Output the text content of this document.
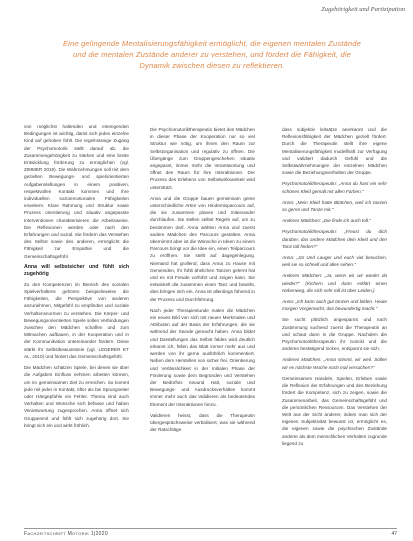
Zugehörigkeit und Partizipation
Eine gelingende Mentalisierungsfähigkeit ermöglicht, die eigenen mentalen Zustände und die mentalen Zustände anderer zu verstehen, und fördert die Fähigkeit, die Dynamik zwischen diesen zu reflektieren.

von möglichst haltenden und einengenden Bedingungen ist wichtig, damit sich jedes einzelne Kind auf gehoben fühlt. Die regelmässige Zugang der Psychomotorik stellt darauf ab, die Zusammengehörigkeit zu stärken und eine breite Entwicklung förderung zu ermöglichen (vgl. ZIMMER 2019). Die Wahrnehmungen soll mit dem gezielten Bewegungs- und spielorientierten Aufgabenstellungen in einem positiven, respektvollen Kontakt kommen und ihre individuellen sozioemotionalen Fähigkeiten erweitern. Klare Rahmung und Struktur sowie Prozess orientierung und situativ angepasste Interventionen charakterisieren die Arbeitsweise. Die Reflexionen werden oder nach den Erfahrungen und sozial. Sie fördern das Verstehen des Selbst sowie des anderen, ermöglicht die Fähigkeit zur Empathie und die Gemeinschaftsgefühl.

Anna will selbstsicher und fühlt sich zugehörig

Zu den Kompetenzen im Bereich des sozialen Spielverhaltens gehören beispielsweise die Fähigkeiten, die Perspektive von anderen anzunehmen, Mitgefühl zu empfinden und soziale Verhaltensnormen zu verstehen. Die Körper- und Bewegungsorientierten Spiele sollen Verbindungen zwischen den Mädchen schaffen und zum Mitmachen aufbauen, in der Kooperation und in der Kommunikation untereinander fördern. Diese stärkt ihr Selbstbewusstsein (vgl. LEDERER ET AL. 2010) und fördert das Gemeinschaftsgefühl.

Die Mädchen schätzen Spiele, bei denen sie über die Aufgaben Einfluss nehmen arbeiten können, um im gemeinsamen Ziel zu erreichen. So kommt jede mit jeder in Kontakt, öfter als bei Sprungseiter oder Hängepfahle ein Fehler. Thema sind auch Verhalten und Wünsche sich befasse und haben Verantwortung zugesprochen. Anna öffnet sich Gruppenmit und fühlt sich zugehörig dort. Sie bringt sich ein und wirkt fröhlich.

Die Psychomotoriktherapeutin bietet den Mädchen in dieser Phase der Kooperation nur so viel Struktur wie nötig, um ihnen den Raum zur Selbstorganisation und regulativ zu öffnen. Die Übergänge zum Gruppengeschehen situativ angepasst, immer mehr die Verantwortung und öffnet den Raum für ihre Interaktionen. Der Prozess des Erlebens von Selbstwirksamkeit wird unterstützt.

Anna und die Gruppe bauen gemeinsam geme unterschiedliche Arten von Hindernisparcours auf, die sie zusammen planen und miteinander durchlaufen. Sie stellen selbst Regeln auf, um zu bestimmen darf. Anna wählen Anna und zuerst andere Mädchen den Parcours gestalten. Anna übernimmt aber ist die Wünsche in Ideen zu einem Parcours bringt vor die Idee ein, einen Teilparcours zu eröffnen. Sie stellt auf dagegenlegung. Niemand hat grollend; dass Anna zu Hause mit Gemeinden, Ihr fühlt ähnlichen Tanzen gelernt hat und es mit Freude vorführt und zeigen kann. Sie entwickelt die zusammen einen Tanz und bewirkt, dies bringen sich ein. Anna ist allerdings führend in der Prozess und Durchführung.

Nach jeder Therapiestunde malen die Mädchen ein neues Bild von sich mit neuen Merkmalen und Attributen auf der Basis der Erfahrungen, die sie während der Stunde gemacht haben. Anna bildet und Darstellungen das Selbst faldes wird deutlich erkannt ich, füllen das Blatt immer mehr aus und werden von ihr gerne ausführlich kommentiert. Neben dem Herstellen von sicher frei, Orientierung und Verlässlichkeit in der Initialen Phase der Förderung sowie dem Begründen und Verstehen der Bedürfnis neuund Halt, soziale und Bewegungs- und Ausdrucksverhalten kommt immer mehr auch das Validieren als bedeutendes Element der Interaktionen hinzu.

Validieren heisst, dass die Therapeutin übergesprächsweise verbalisiert, was sie während der Ratschläge

dass subjektiv leitsätze anerkannt und die Reflexionsfähigkeit der Mädchen gezielt fördert. Durch die Therapeutin stellt ihre eigene Mentalisierungsfähigkeit modellhaft zur Verfügung und validiert dadurch Gefühl und die Selbstwahrnehmungen der einzelnen Mädchen sowie die Beziehungsverhalten der Gruppe.

Psychomotoriktherapeutin: „Anna du hast ein sehr schönes Kleid gemalt mit allen Farben."

Anna: „Mein Kleid hatte Blütchen, weil ich tanzen so gerne und Tanze mit."

Anderes Mädchen: „Die finde ich auch toll."

Psychomotoriktherapeutin: „Freust du dich darüber, das andere Mädchen dein Kleid und den Tanz toll finden?"

Anna: „Ja! Und Lauger und euch viel besuchen, weil sie so schnell und alles sehen."

Anderes Mädchen: „Ja, wenn wir wir wieder da wieder?" (Kichern und dann erklärt einen Nebenweg, die sich sehr toll ist über Leiden.)

Anna: „Ich kann auch gut tanzen und bilden. Heute morgen Vorgemacht, das bewundertig macht."

Sie sucht plötzlich angespannt und nach Zustimmung suchend zuerst die Therapeutin an und schaut dann in die Gruppe. Nachdem die Psychomotoriktherapeutin ihr zunickt und die anderen bestätigend nicken, entspannt sie sich.

Anderes Mädchen: „Anna stimmt, wir weil. Sollen wir es nächste Woche noch mal versuchen?"

Gemeinsames Handeln, Spielen, Erleben sowie die Reflexion der Erfahrungen und des Beziehung fördert die Kompetenz, sich zu zeigen, sowie die Zusammenarbeit, das Gemeinschaftsgefühl und die persönlichen Ressourcen. Das Verstehen der Welt aus der Sicht anderer, indem man sich der eigenen Subjektivität bewusst ist, ermöglicht es, die eigenen sowie die psychischen Zustände anderer als dem menschlichen Verhalten zugrunde liegend zu

Fachzeitschrift Motorik 1|2020	47
